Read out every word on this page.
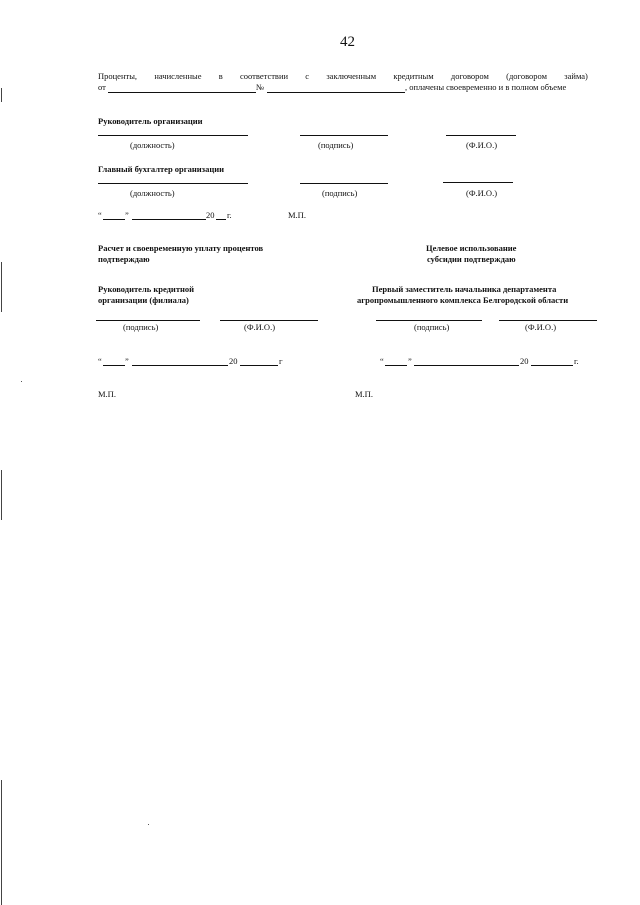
42
Проценты, начисленные в соответствии с заключенным кредитным договором (договором займа)
от	№	, оплачены своевременно и в полном объеме
Руководитель организации
(должность)	(подпись)	(Ф.И.О.)
Главный бухгалтер организации
(должность)	(подпись)	(Ф.И.О.)
“	”	20 г.	М.П.
Расчет и своевременную уплату процентов
подтверждаю
Руководитель кредитной
организации (филиала)
(подпись)	(Ф.И.О.)
“	”	20	г
М.П.
Целевое использование
субсидии подтверждаю
Первый заместитель начальника департамента
агропромышленного комплекса Белгородской области
(подпись)	(Ф.И.О.)
“	”	20	г.
М.П.
